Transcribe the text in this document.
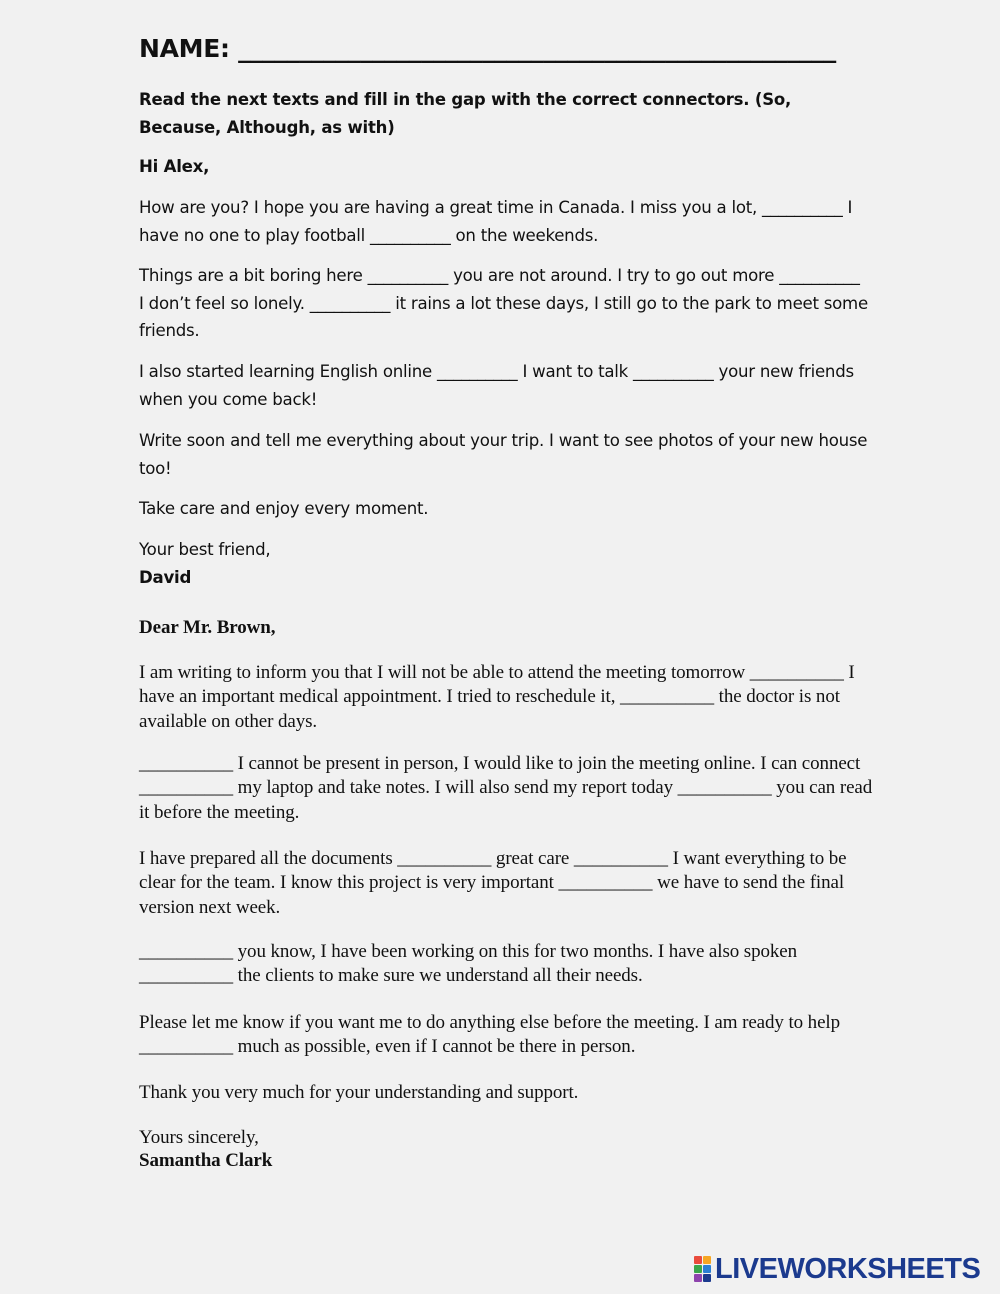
NAME: _________________________________________________
Read the next texts and fill in the gap with the correct connectors. (So, Because, Although, as with)

Hi Alex,

How are you? I hope you are having a great time in Canada. I miss you a lot, __________ I have no one to play football __________ on the weekends.

Things are a bit boring here __________ you are not around. I try to go out more __________ I don’t feel so lonely. __________ it rains a lot these days, I still go to the park to meet some friends.

I also started learning English online __________ I want to talk __________ your new friends when you come back!

Write soon and tell me everything about your trip. I want to see photos of your new house too!

Take care and enjoy every moment.

Your best friend,

David

Dear Mr. Brown,

I am writing to inform you that I will not be able to attend the meeting tomorrow __________ I have an important medical appointment. I tried to reschedule it, __________ the doctor is not available on other days.

__________ I cannot be present in person, I would like to join the meeting online. I can connect __________ my laptop and take notes. I will also send my report today __________ you can read it before the meeting.

I have prepared all the documents __________ great care __________ I want everything to be clear for the team. I know this project is very important __________ we have to send the final version next week.

__________ you know, I have been working on this for two months. I have also spoken __________ the clients to make sure we understand all their needs.

Please let me know if you want me to do anything else before the meeting. I am ready to help __________ much as possible, even if I cannot be there in person.

Thank you very much for your understanding and support.

Yours sincerely,

Samantha Clark

LIVEWORKSHEETS
